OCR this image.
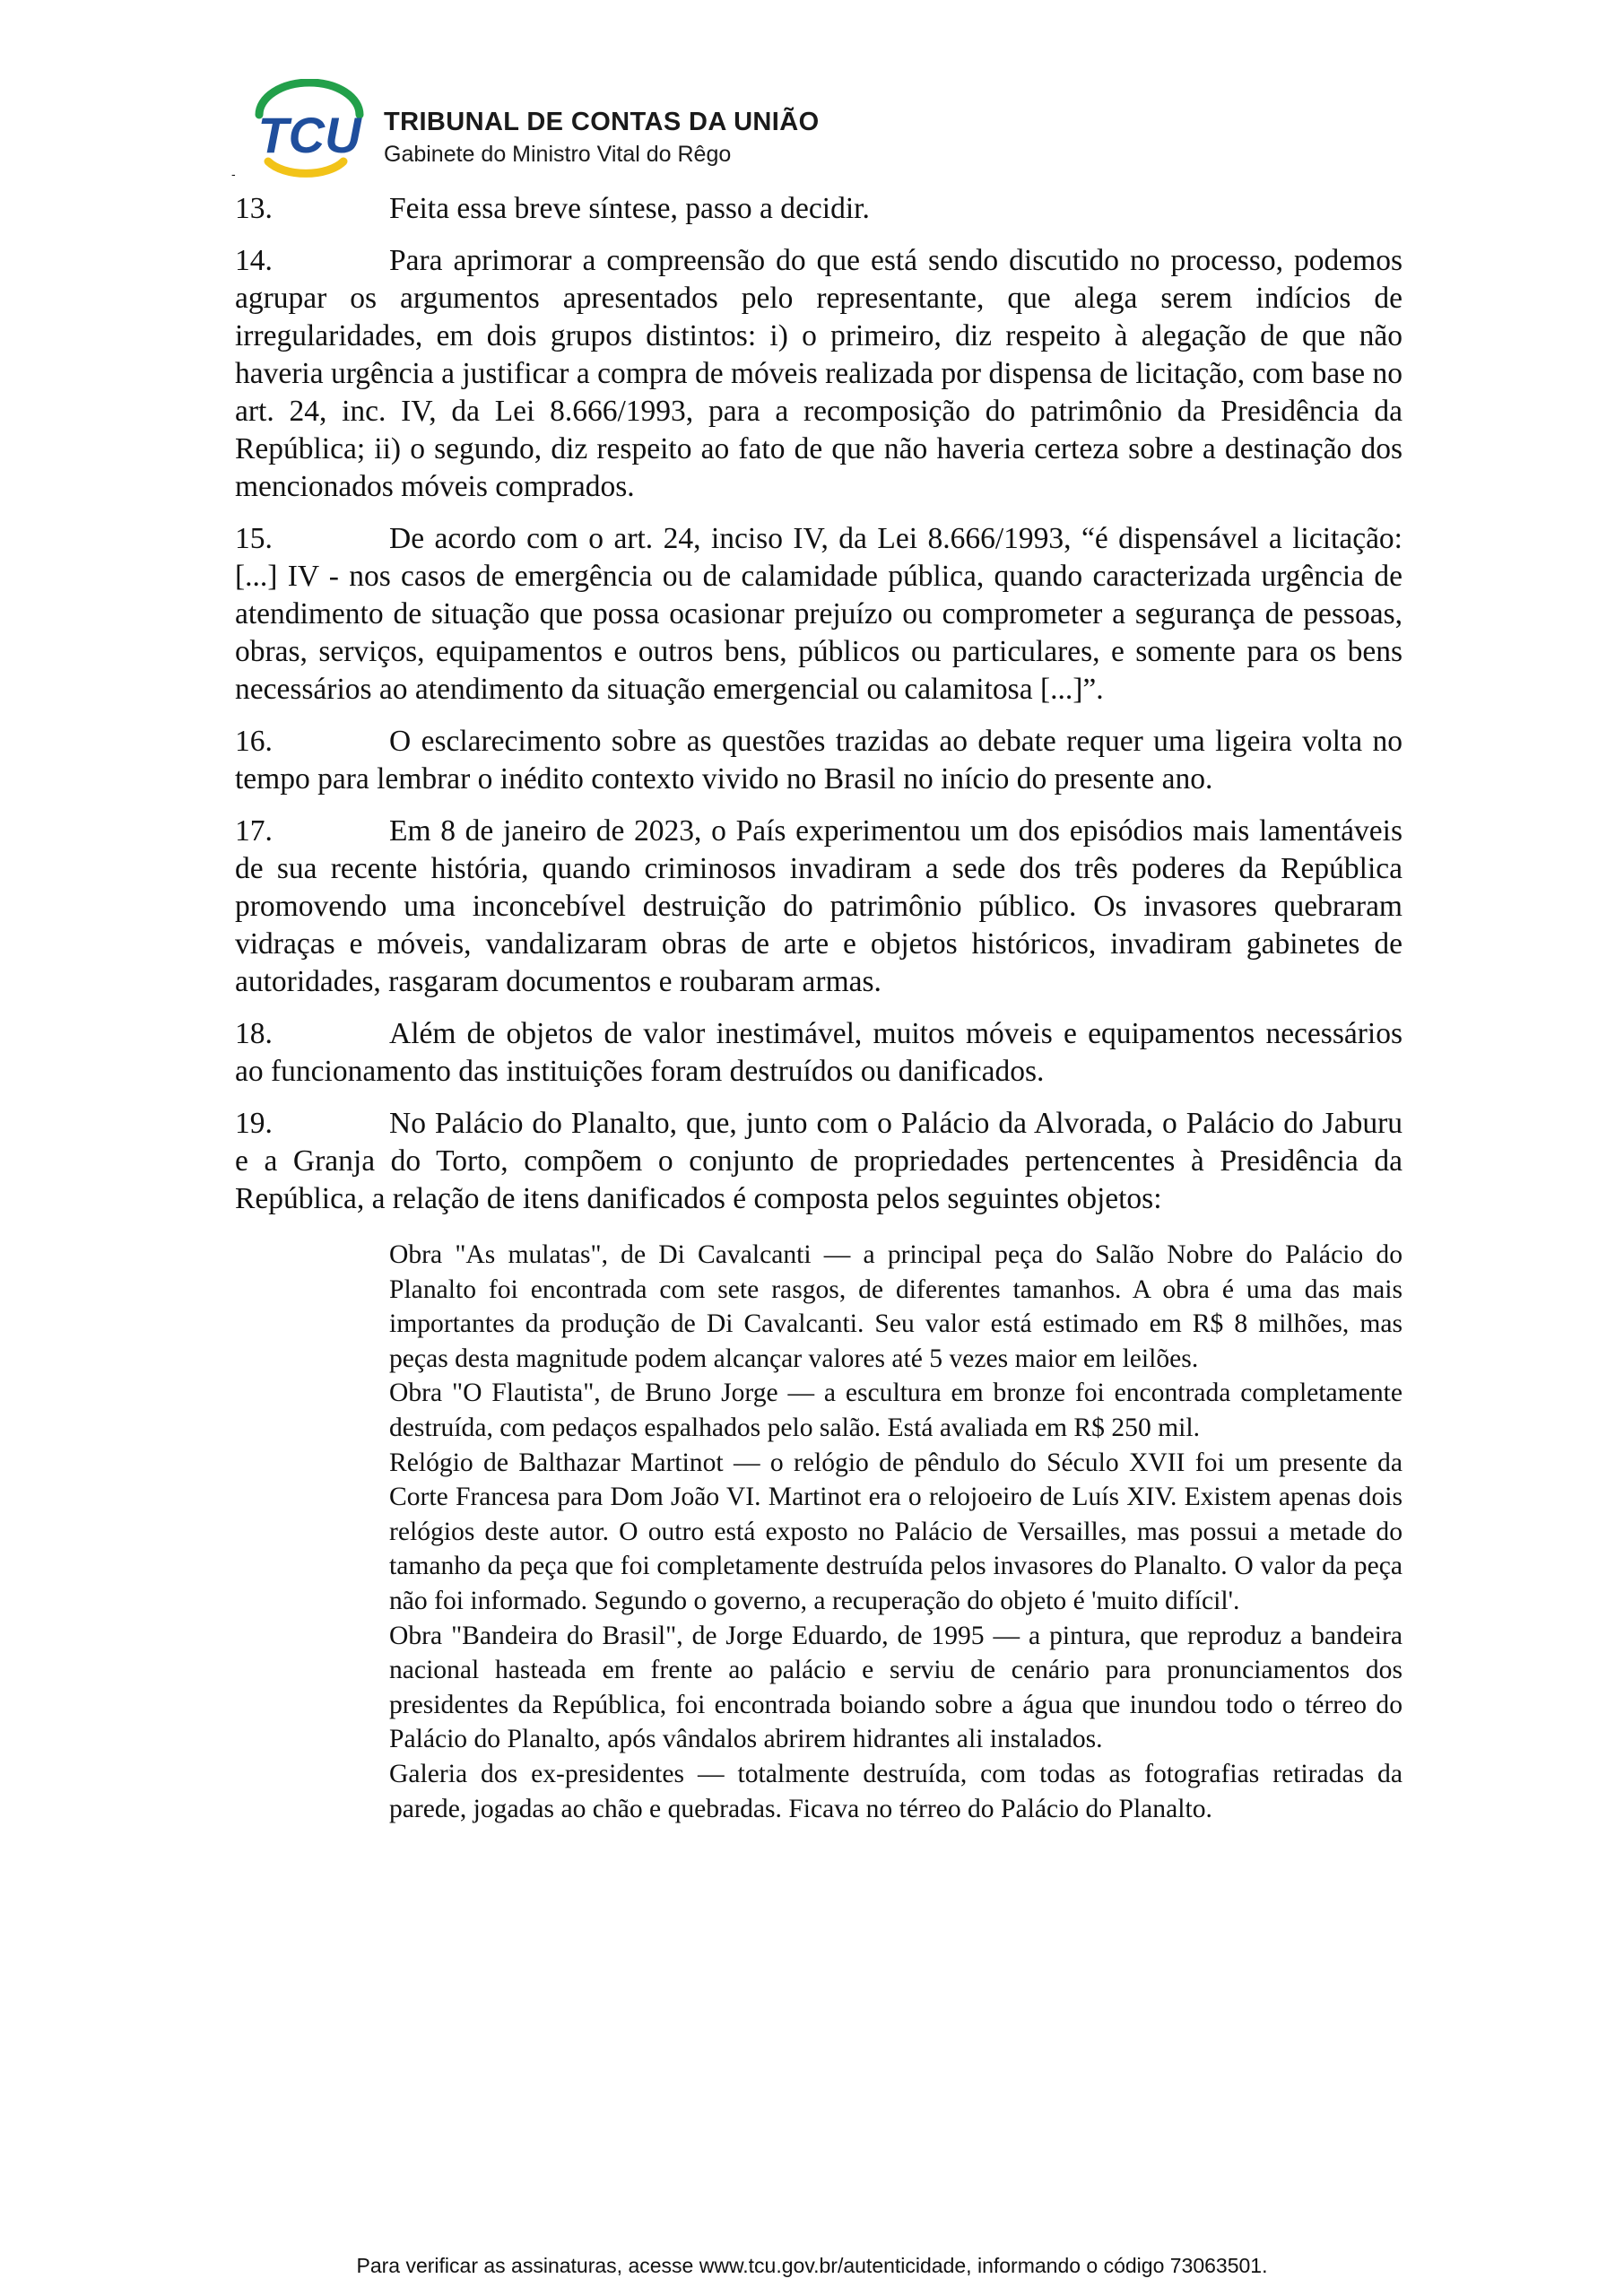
TCU TRIBUNAL DE CONTAS DA UNIÃO
Gabinete do Ministro Vital do Rêgo
-

13.	Feita essa breve síntese, passo a decidir.

14.	Para aprimorar a compreensão do que está sendo discutido no processo, podemos agrupar os argumentos apresentados pelo representante, que alega serem indícios de irregularidades, em dois grupos distintos: i) o primeiro, diz respeito à alegação de que não haveria urgência a justificar a compra de móveis realizada por dispensa de licitação, com base no art. 24, inc. IV, da Lei 8.666/1993, para a recomposição do patrimônio da Presidência da República; ii) o segundo, diz respeito ao fato de que não haveria certeza sobre a destinação dos mencionados móveis comprados.

15.	De acordo com o art. 24, inciso IV, da Lei 8.666/1993, “é dispensável a licitação: [...] IV - nos casos de emergência ou de calamidade pública, quando caracterizada urgência de atendimento de situação que possa ocasionar prejuízo ou comprometer a segurança de pessoas, obras, serviços, equipamentos e outros bens, públicos ou particulares, e somente para os bens necessários ao atendimento da situação emergencial ou calamitosa [...]”.

16.	O esclarecimento sobre as questões trazidas ao debate requer uma ligeira volta no tempo para lembrar o inédito contexto vivido no Brasil no início do presente ano.

17.	Em 8 de janeiro de 2023, o País experimentou um dos episódios mais lamentáveis de sua recente história, quando criminosos invadiram a sede dos três poderes da República promovendo uma inconcebível destruição do patrimônio público. Os invasores quebraram vidraças e móveis, vandalizaram obras de arte e objetos históricos, invadiram gabinetes de autoridades, rasgaram documentos e roubaram armas.

18.	Além de objetos de valor inestimável, muitos móveis e equipamentos necessários ao funcionamento das instituições foram destruídos ou danificados.

19.	No Palácio do Planalto, que, junto com o Palácio da Alvorada, o Palácio do Jaburu e a Granja do Torto, compõem o conjunto de propriedades pertencentes à Presidência da República, a relação de itens danificados é composta pelos seguintes objetos:

Obra "As mulatas", de Di Cavalcanti — a principal peça do Salão Nobre do Palácio do Planalto foi encontrada com sete rasgos, de diferentes tamanhos. A obra é uma das mais importantes da produção de Di Cavalcanti. Seu valor está estimado em R$ 8 milhões, mas peças desta magnitude podem alcançar valores até 5 vezes maior em leilões.

Obra "O Flautista", de Bruno Jorge — a escultura em bronze foi encontrada completamente destruída, com pedaços espalhados pelo salão. Está avaliada em R$ 250 mil.

Relógio de Balthazar Martinot — o relógio de pêndulo do Século XVII foi um presente da Corte Francesa para Dom João VI. Martinot era o relojoeiro de Luís XIV. Existem apenas dois relógios deste autor. O outro está exposto no Palácio de Versailles, mas possui a metade do tamanho da peça que foi completamente destruída pelos invasores do Planalto. O valor da peça não foi informado. Segundo o governo, a recuperação do objeto é 'muito difícil'.

Obra "Bandeira do Brasil", de Jorge Eduardo, de 1995 — a pintura, que reproduz a bandeira nacional hasteada em frente ao palácio e serviu de cenário para pronunciamentos dos presidentes da República, foi encontrada boiando sobre a água que inundou todo o térreo do Palácio do Planalto, após vândalos abrirem hidrantes ali instalados.

Galeria dos ex-presidentes — totalmente destruída, com todas as fotografias retiradas da parede, jogadas ao chão e quebradas. Ficava no térreo do Palácio do Planalto.

Para verificar as assinaturas, acesse www.tcu.gov.br/autenticidade, informando o código 73063501.
